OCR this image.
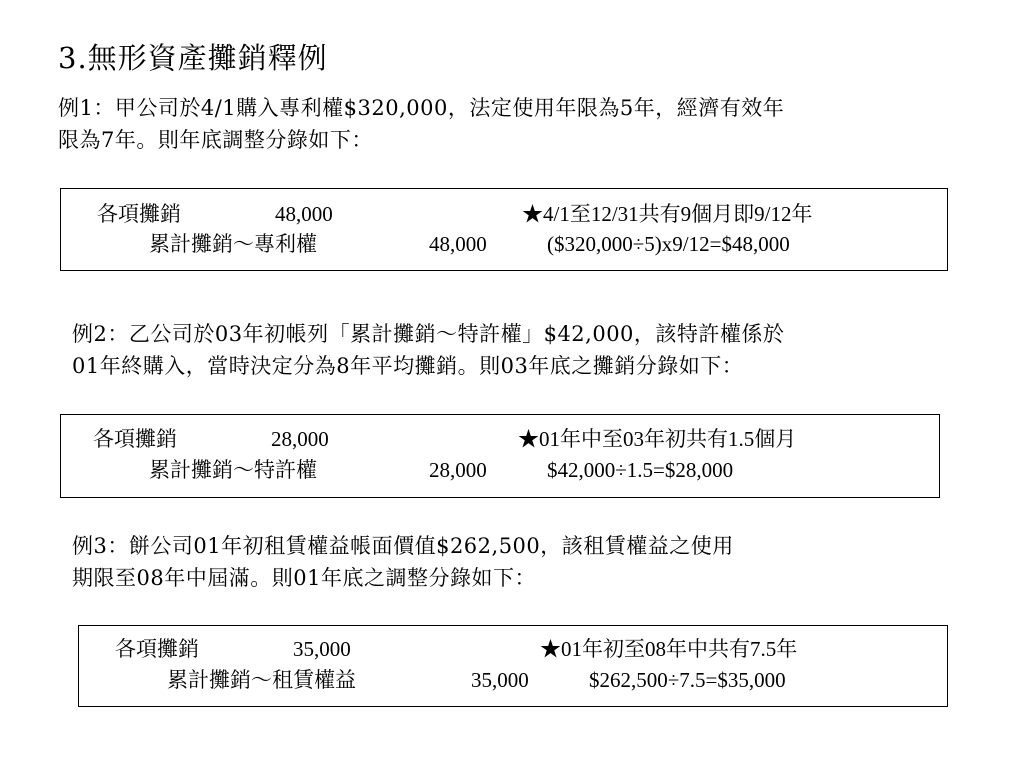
3.無形資產攤銷釋例
例1：甲公司於4/1購入專利權$320,000，法定使用年限為5年，經濟有效年
限為7年。則年底調整分錄如下：
各項攤銷	48,000	★4/1至12/31共有9個月即9/12年
累計攤銷～專利權	48,000	($320,000÷5)x9/12=$48,000
例2：乙公司於03年初帳列「累計攤銷～特許權」$42,000，該特許權係於
01年終購入，當時決定分為8年平均攤銷。則03年底之攤銷分錄如下：
各項攤銷	28,000	★01年中至03年初共有1.5個月
累計攤銷～特許權	28,000	$42,000÷1.5=$28,000
例3：餅公司01年初租賃權益帳面價值$262,500，該租賃權益之使用
期限至08年中屆滿。則01年底之調整分錄如下：
各項攤銷	35,000	★01年初至08年中共有7.5年
累計攤銷～租賃權益	35,000	$262,500÷7.5=$35,000
